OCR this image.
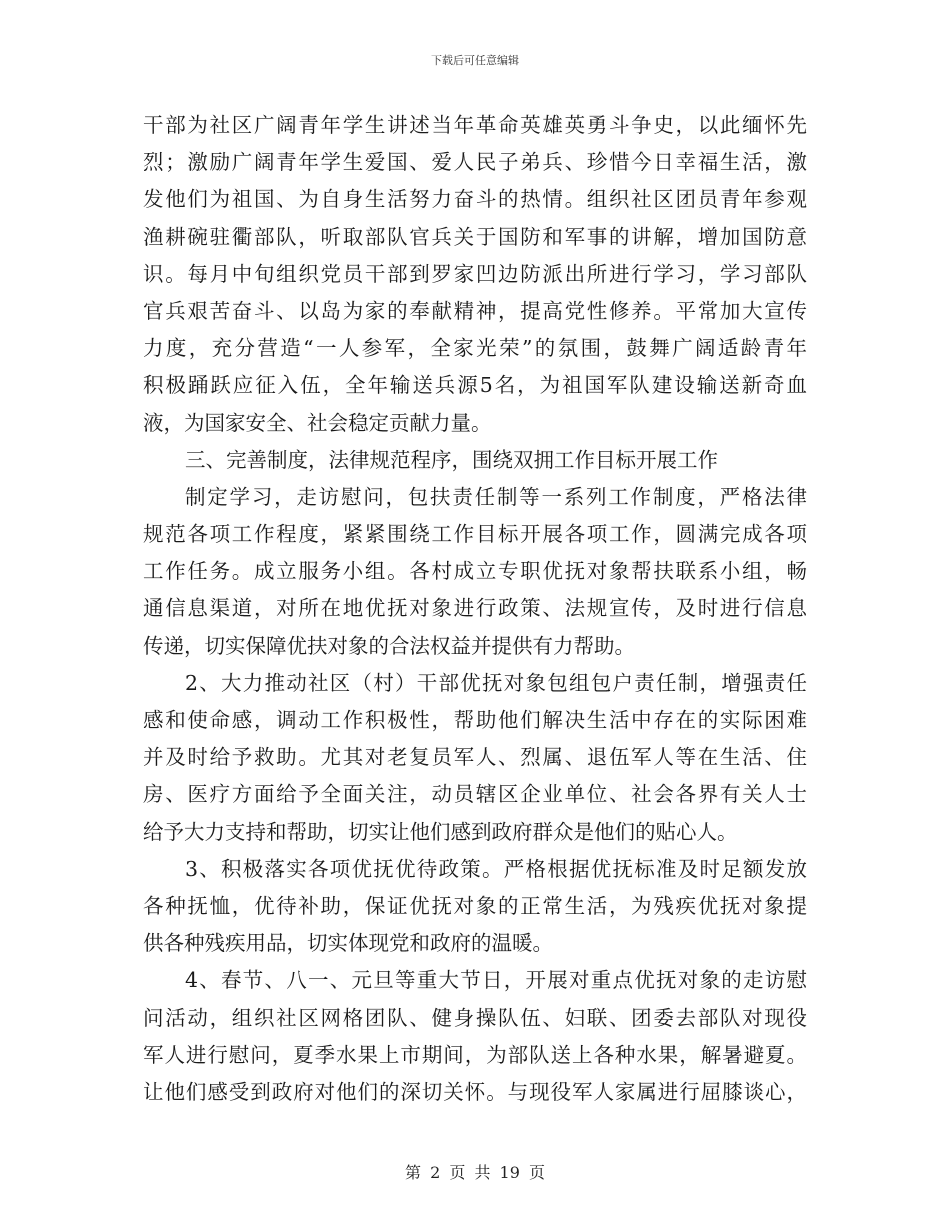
下载后可任意编辑
干部为社区广阔青年学生讲述当年革命英雄英勇斗争史，以此缅怀先
烈；激励广阔青年学生爱国、爱人民子弟兵、珍惜今日幸福生活，激
发他们为祖国、为自身生活努力奋斗的热情。组织社区团员青年参观
渔耕碗驻衢部队，听取部队官兵关于国防和军事的讲解，增加国防意
识。每月中旬组织党员干部到罗家凹边防派出所进行学习，学习部队
官兵艰苦奋斗、以岛为家的奉献精神，提高党性修养。平常加大宣传
力度，充分营造“一人参军，全家光荣”的氛围，鼓舞广阔适龄青年
积极踊跃应征入伍，全年输送兵源5名，为祖国军队建设输送新奇血
液，为国家安全、社会稳定贡献力量。
三、完善制度，法律规范程序，围绕双拥工作目标开展工作
制定学习，走访慰问，包扶责任制等一系列工作制度，严格法律
规范各项工作程度，紧紧围绕工作目标开展各项工作，圆满完成各项
工作任务。成立服务小组。各村成立专职优抚对象帮扶联系小组，畅
通信息渠道，对所在地优抚对象进行政策、法规宣传，及时进行信息
传递，切实保障优扶对象的合法权益并提供有力帮助。
2、大力推动社区（村）干部优抚对象包组包户责任制，增强责任
感和使命感，调动工作积极性，帮助他们解决生活中存在的实际困难
并及时给予救助。尤其对老复员军人、烈属、退伍军人等在生活、住
房、医疗方面给予全面关注，动员辖区企业单位、社会各界有关人士
给予大力支持和帮助，切实让他们感到政府群众是他们的贴心人。
3、积极落实各项优抚优待政策。严格根据优抚标准及时足额发放
各种抚恤，优待补助，保证优抚对象的正常生活，为残疾优抚对象提
供各种残疾用品，切实体现党和政府的温暖。
4、春节、八一、元旦等重大节日，开展对重点优抚对象的走访慰
问活动，组织社区网格团队、健身操队伍、妇联、团委去部队对现役
军人进行慰问，夏季水果上市期间，为部队送上各种水果，解暑避夏。
让他们感受到政府对他们的深切关怀。与现役军人家属进行屈膝谈心，
第 2 页 共 19 页
